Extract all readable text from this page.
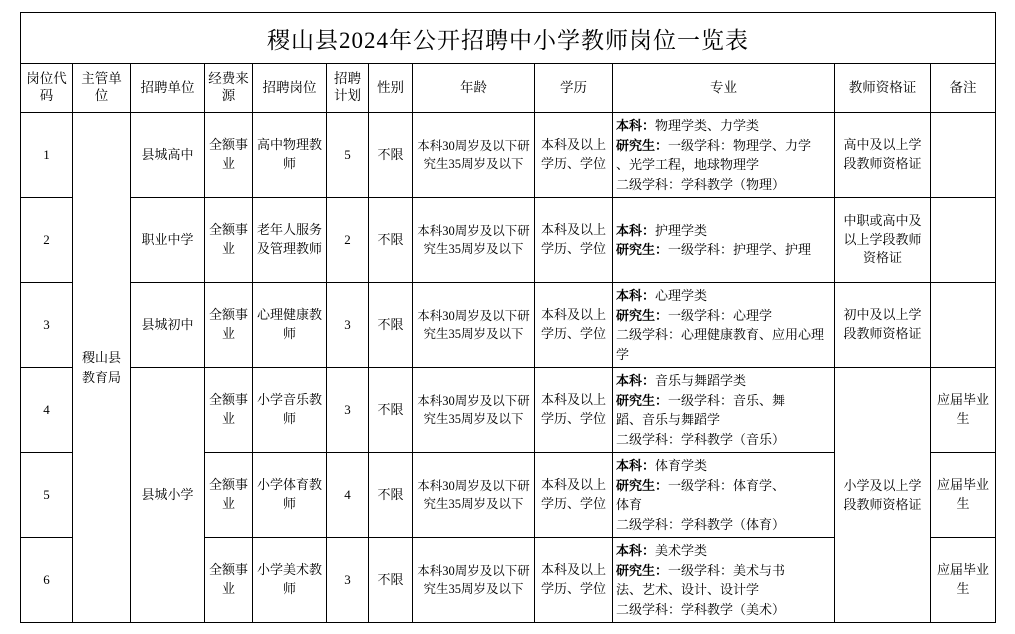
稷山县2024年公开招聘中小学教师岗位一览表											
岗位代码	主管单位	招聘单位	经费来源	招聘岗位	招聘计划	性别	年龄	学历	专业	教师资格证	备注
1	稷山县教育局	县城高中	全额事业	高中物理教师	5	不限	本科30周岁及以下研究生35周岁及以下	本科及以上学历、学位	本科：物理学类、力学类
研究生：一级学科：物理学、力学
、光学工程，地球物理学
二级学科：学科教学（物理）	高中及以上学段教师资格证	
2		职业中学	全额事业	老年人服务及管理教师	2	不限	本科30周岁及以下研究生35周岁及以下	本科及以上学历、学位	本科：护理学类
研究生：一级学科：护理学、护理	中职或高中及以上学段教师资格证	
3		县城初中	全额事业	心理健康教师	3	不限	本科30周岁及以下研究生35周岁及以下	本科及以上学历、学位	本科：心理学类
研究生：一级学科：心理学
二级学科：心理健康教育、应用心理学	初中及以上学段教师资格证	
4		县城小学	全额事业	小学音乐教师	3	不限	本科30周岁及以下研究生35周岁及以下	本科及以上学历、学位	本科：音乐与舞蹈学类
研究生：一级学科：音乐、舞
蹈、音乐与舞蹈学
二级学科：学科教学（音乐）	小学及以上学段教师资格证	应届毕业生
5			全额事业	小学体育教师	4	不限	本科30周岁及以下研究生35周岁及以下	本科及以上学历、学位	本科：体育学类
研究生：一级学科：体育学、
体育
二级学科：学科教学（体育）		应届毕业生
6			全额事业	小学美术教师	3	不限	本科30周岁及以下研究生35周岁及以下	本科及以上学历、学位	本科：美术学类
研究生：一级学科：美术与书
法、艺术、设计、设计学
二级学科：学科教学（美术）		应届毕业生
